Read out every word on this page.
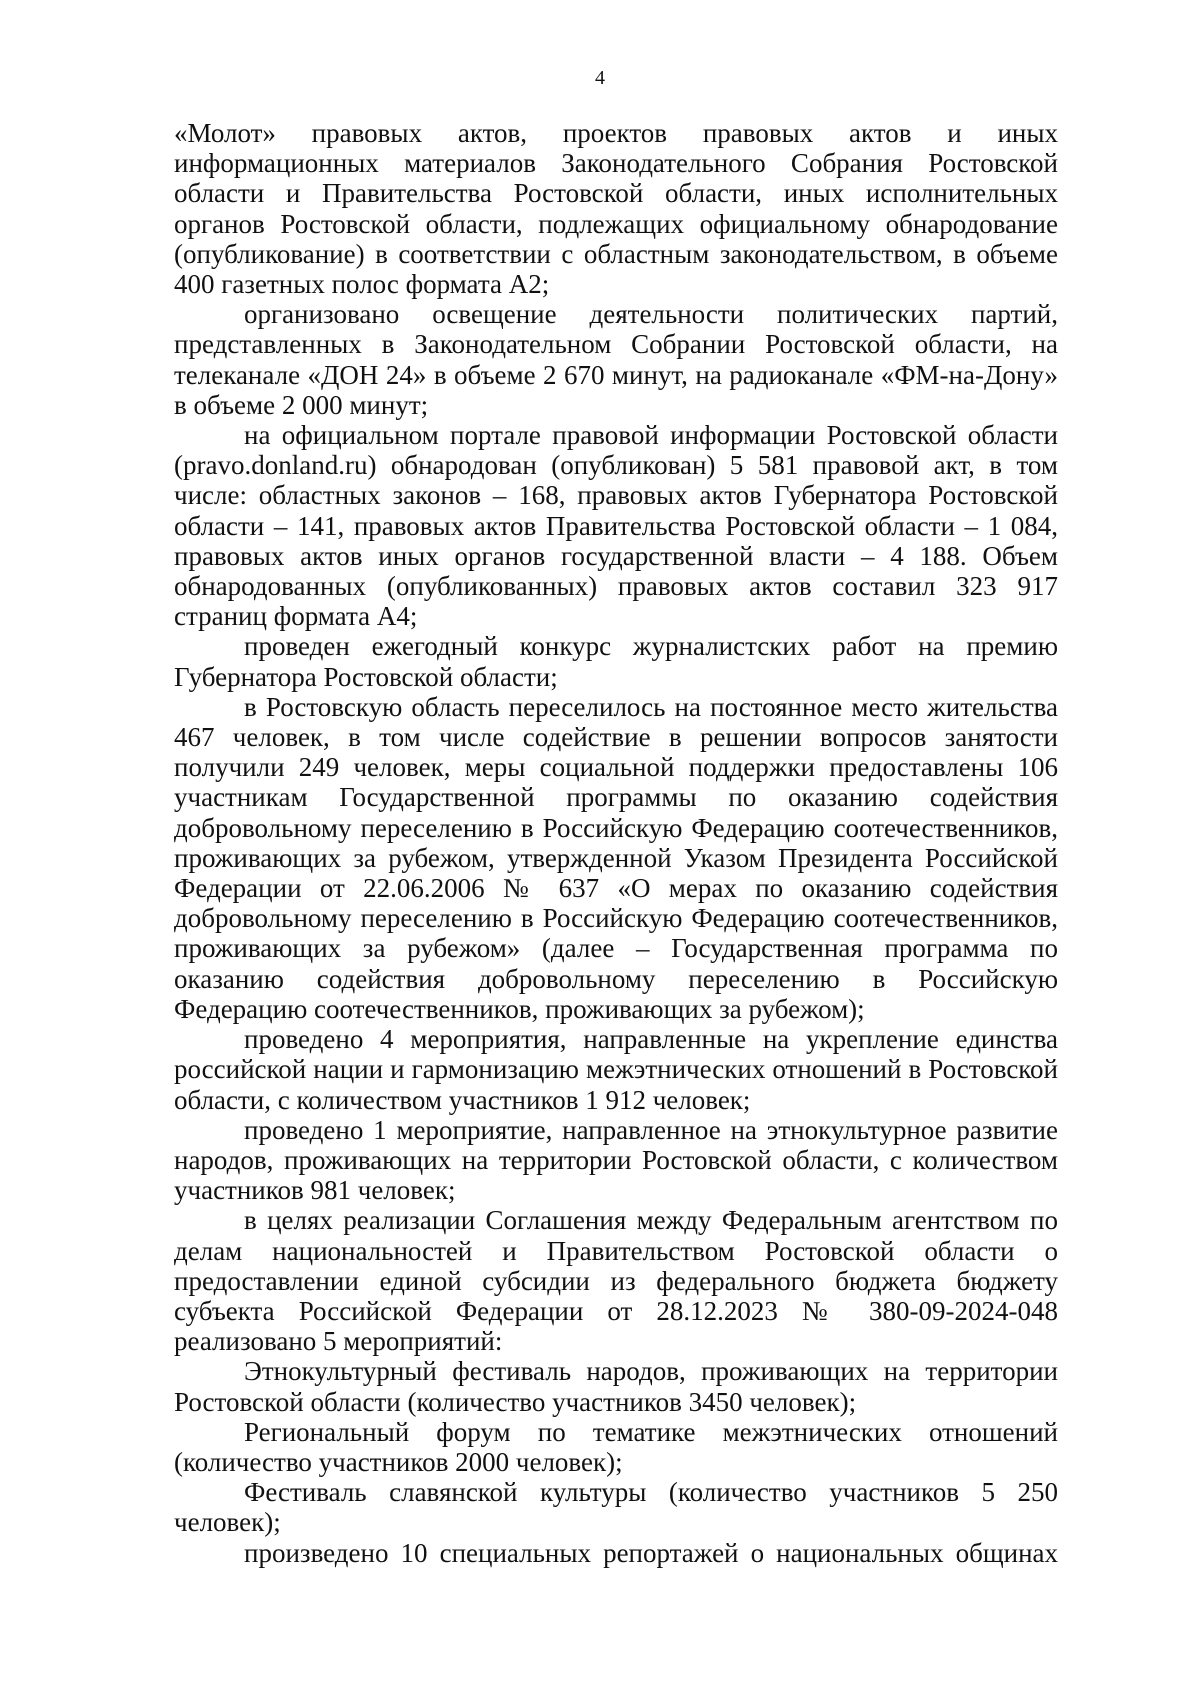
4

«Молот» правовых актов, проектов правовых актов и иных информационных материалов Законодательного Собрания Ростовской области и Правительства Ростовской области, иных исполнительных органов Ростовской области, подлежащих официальному обнародование (опубликование) в соответствии с областным законодательством, в объеме 400 газетных полос формата А2;

организовано освещение деятельности политических партий, представленных в Законодательном Собрании Ростовской области, на телеканале «ДОН 24» в объеме 2 670 минут, на радиоканале «ФМ-на-Дону» в объеме 2 000 минут;

на официальном портале правовой информации Ростовской области (pravo.donland.ru) обнародован (опубликован) 5 581 правовой акт, в том числе: областных законов – 168, правовых актов Губернатора Ростовской области – 141, правовых актов Правительства Ростовской области – 1 084, правовых актов иных органов государственной власти – 4 188. Объем обнародованных (опубликованных) правовых актов составил 323 917 страниц формата А4;

проведен ежегодный конкурс журналистских работ на премию Губернатора Ростовской области;

в Ростовскую область переселилось на постоянное место жительства 467 человек, в том числе содействие в решении вопросов занятости получили 249 человек, меры социальной поддержки предоставлены 106 участникам Государственной программы по оказанию содействия добровольному переселению в Российскую Федерацию соотечественников, проживающих за рубежом, утвержденной Указом Президента Российской Федерации от 22.06.2006 № 637 «О мерах по оказанию содействия добровольному переселению в Российскую Федерацию соотечественников, проживающих за рубежом» (далее – Государственная программа по оказанию содействия добровольному переселению в Российскую Федерацию соотечественников, проживающих за рубежом);

проведено 4 мероприятия, направленные на укрепление единства российской нации и гармонизацию межэтнических отношений в Ростовской области, с количеством участников 1 912 человек;

проведено 1 мероприятие, направленное на этнокультурное развитие народов, проживающих на территории Ростовской области, с количеством участников 981 человек;

в целях реализации Соглашения между Федеральным агентством по делам национальностей и Правительством Ростовской области о предоставлении единой субсидии из федерального бюджета бюджету субъекта Российской Федерации от 28.12.2023 № 380-09-2024-048 реализовано 5 мероприятий:

Этнокультурный фестиваль народов, проживающих на территории Ростовской области (количество участников 3450 человек);

Региональный форум по тематике межэтнических отношений (количество участников 2000 человек);

Фестиваль славянской культуры (количество участников 5 250 человек);

произведено 10 специальных репортажей о национальных общинах
